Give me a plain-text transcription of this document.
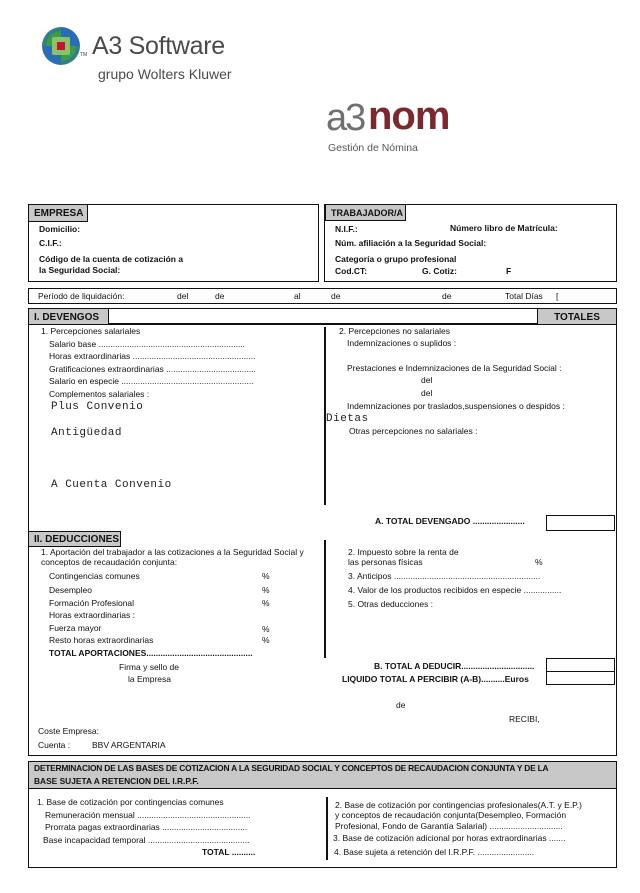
TM A3 Software
grupo Wolters Kluwer
a3 nom
Gestión de Nómina
EMPRESA
Domicilio:
C.I.F.:
Código de la cuenta de cotización a
la Seguridad Social:
TRABAJADOR/A
N.I.F.:	Número libro de Matrícula:
Núm. afiliación a la Seguridad Social:
Categoría o grupo profesional
Cod.CT:	G. Cotiz:	F
Período de liquidación:	del	de	al	de	de	Total Días [
I. DEVENGOS	TOTALES
1. Percepciones salariales
Salario base ..............................................................
Horas extraordinarias ....................................................
Gratificaciones extraordinarias ......................................
Salario en especie ........................................................
Complementos salariales :
Plus Convenio
Antigüedad
A Cuenta Convenio
2. Percepciones no salariales
Indemnizaciones o suplidos :
Prestaciones e Indemnizaciones de la Seguridad Social :
del
del
Indemnizaciones por traslados,suspensiones o despidos :
Dietas
Otras percepciones no salariales :
A. TOTAL DEVENGADO ......................
II. DEDUCCIONES
1. Aportación del trabajador a las cotizaciones a la Seguridad Social y
conceptos de recaudación conjunta:
Contingencias comunes	%
Desempleo	%
Formación Profesional	%
Horas extraordinarias :
Fuerza mayor	%
Resto horas extraordinarias	%
TOTAL APORTACIONES.............................................
2. Impuesto sobre la renta de
las personas físicas	%
3. Anticipos ..............................................................
4. Valor de los productos recibidos en especie ................
5. Otras deducciones :
B. TOTAL A DEDUCIR...............................
LIQUIDO TOTAL A PERCIBIR (A-B)..........Euros
Firma y sello de
la Empresa
de
RECIBI,
Coste Empresa:
Cuenta :	BBV ARGENTARIA
DETERMINACION DE LAS BASES DE COTIZACION A LA SEGURIDAD SOCIAL Y CONCEPTOS DE RECAUDACION CONJUNTA Y DE LA
BASE SUJETA A RETENCION DEL I.R.P.F.
1. Base de cotización por contingencias comunes
Remuneración mensual ................................................
Prorrata pagas extraordinarias ....................................
Base incapacidad temporal ...........................................
TOTAL ..........
2. Base de cotización por contingencias profesionales(A.T. y E.P.)
y conceptos de recaudación conjunta(Desempleo, Formación
Profesional, Fondo de Garantía Salarial) ...............................
3. Base de cotización adicional por horas extraordinarias .......
4. Base sujeta a retención del I.R.P.F. ........................
